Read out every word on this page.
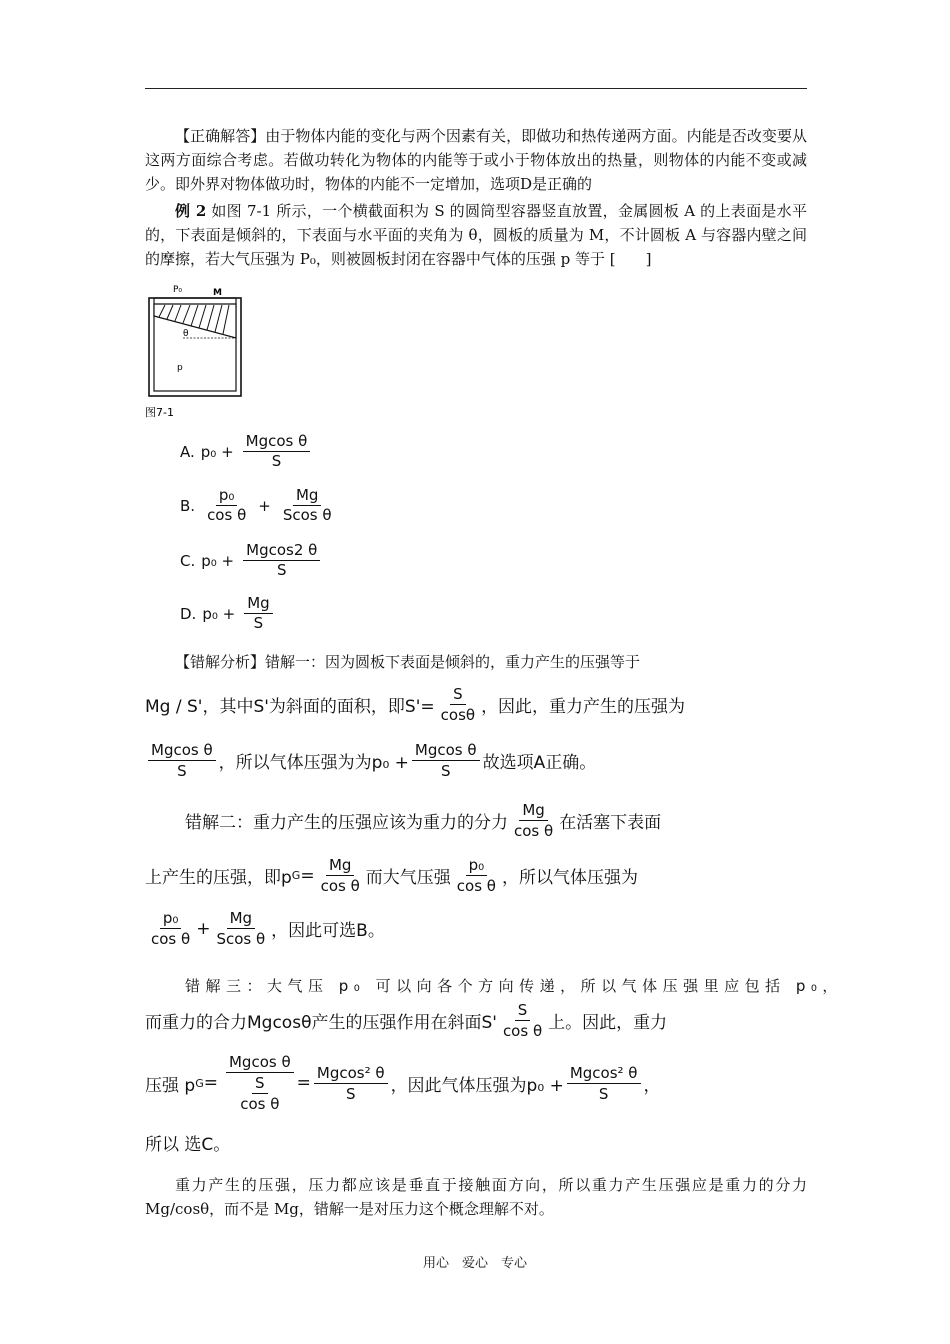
【正确解答】由于物体内能的变化与两个因素有关，即做功和热传递两方面。内能是否改变要从这两方面综合考虑。若做功转化为物体的内能等于或小于物体放出的热量，则物体的内能不变或减少。即外界对物体做功时，物体的内能不一定增加，选项D是正确的

例 2 如图 7-1 所示，一个横截面积为 S 的圆筒型容器竖直放置，金属圆板 A 的上表面是水平的，下表面是倾斜的，下表面与水平面的夹角为 θ，圆板的质量为 M，不计圆板 A 与容器内壁之间的摩擦，若大气压强为 P₀，则被圆板封闭在容器中气体的压强 p 等于 [　　]

P₀	M
θ
p
图7-1
A. $p_0 + \frac{\text{Mgcos θ}}{S}$
B. $\frac{\text{p₀}}{\text{cos θ}} + \frac{Mg}{\text{Scos θ}}$
C. $p_0 + \frac{Mgcos2 \theta}{S}$
D. $p_0 + \frac{Mg}{S}$

【错解分析】错解一：因为圆板下表面是倾斜的，重力产生的压强等于

Mg / S'，其中S'为斜面的面积，即$S'= \frac{S}{\cos\theta}$ ，因此，重力产生的压强为
$\frac{\text{Mgcos θ}}{S}$ ，所以气体压强为为$p_0 + \frac{\text{Mgcos θ}}{S}$ 故选项A正确。
错解二：重力产生的压强应该为重力的分力 $\frac{Mg}{\text{cos θ}}$ 在活塞下表面
上产生的压强，即p $G = \frac{Mg}{\text{cos θ}}$ 而大气压强 $\frac{\text{p₀}}{\text{cos θ}}$ ，所以气体压强为
$\frac{\text{p₀}}{\text{cos θ}} + \frac{Mg}{\text{Scos θ}}$ ，因此可选B。
错解三：大气压 p₀ 可以向各个方向传递，所以气体压强里应包括 p₀，
而重力的合力Mgcosθ产生的压强作用在斜面$S' \frac{S}{\text{cos θ}}$ 上。因此，重力
压强 p G =
Mgcos θ
S
cos θ
= $\frac{\text{Mgcos² θ}}{S}$ ，因此气体压强为$p_0 + \frac{\text{Mgcos² θ}}{S}$ ，
所以 选C。

重力产生的压强，压力都应该是垂直于接触面方向，所以重力产生压强应是重力的分力 Mg/cosθ，而不是 Mg，错解一是对压力这个概念理解不对。

用心　爱心　专心
